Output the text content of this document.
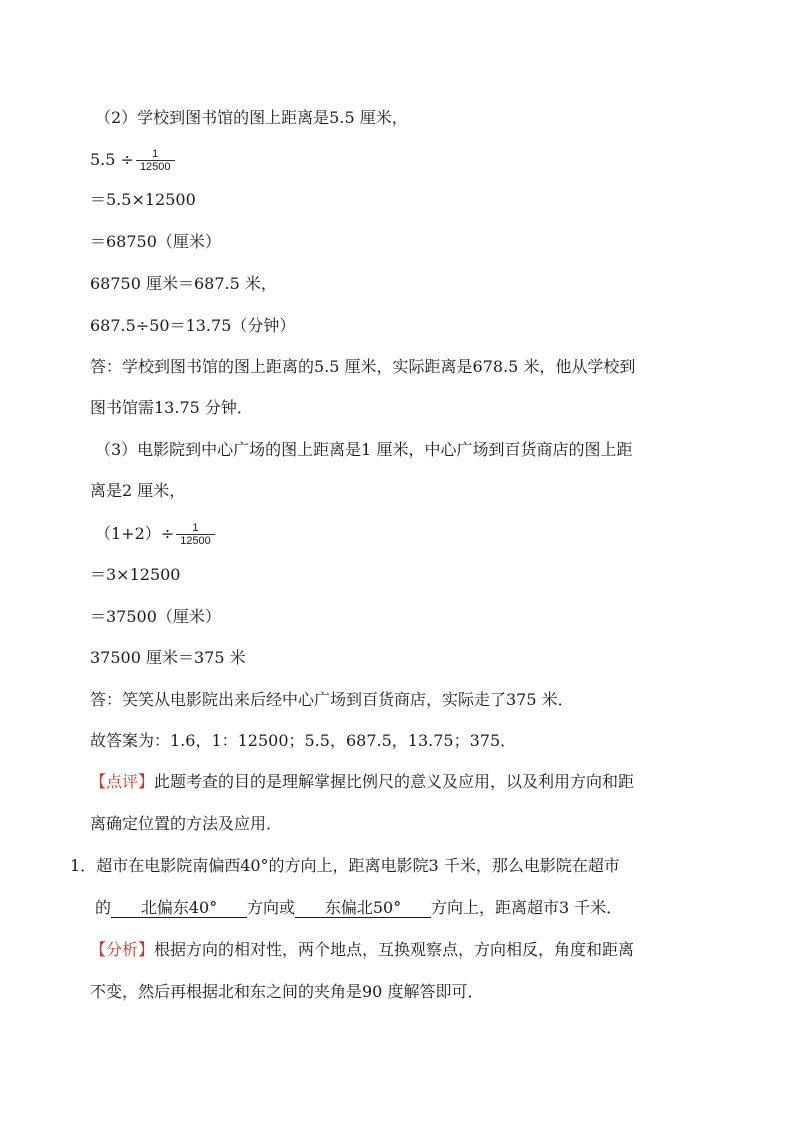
（2）学校到图书馆的图上距离是5.5 厘米，
$5.5 \div \frac{1}{12500}$
＝5.5×12500
＝68750（厘米）
68750 厘米＝687.5 米，
687.5÷50＝13.75（分钟）
答：学校到图书馆的图上距离的5.5 厘米，实际距离是678.5 米，他从学校到
图书馆需13.75 分钟．
（3）电影院到中心广场的图上距离是1 厘米，中心广场到百货商店的图上距
离是2 厘米，
$(1+2)\div \frac{1}{12500}$
＝3×12500
＝37500（厘米）
37500 厘米＝375 米
答：笑笑从电影院出来后经中心广场到百货商店，实际走了375 米．
故答案为：1.6，1：12500；5.5，687.5，13.75；375．
【点评】此题考查的目的是理解掌握比例尺的意义及应用，以及利用方向和距
离确定位置的方法及应用．
1．超市在电影院南偏西40°的方向上，距离电影院3 千米，那么电影院在超市
的 北偏东40° 方向或 东偏北50° 方向上，距离超市3 千米．
【分析】根据方向的相对性，两个地点，互换观察点，方向相反，角度和距离
不变，然后再根据北和东之间的夹角是90 度解答即可．
